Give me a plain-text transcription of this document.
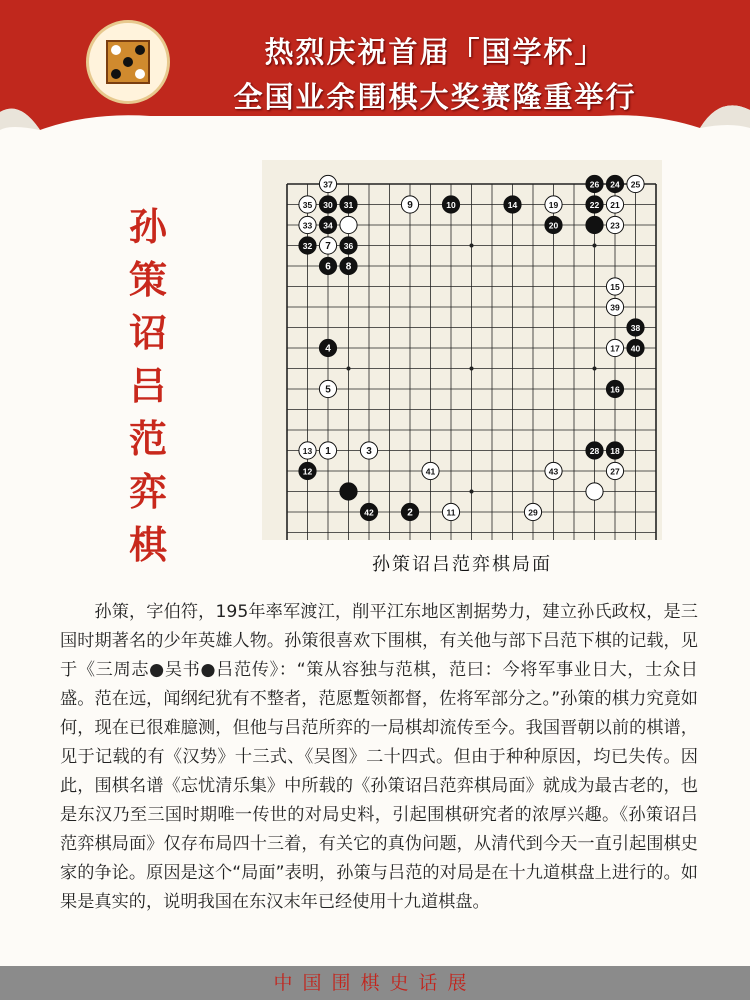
热烈庆祝首届「国学杯」
全国业余围棋大奖赛隆重举行
孙策诏吕范弈棋
37
35 30 31
33 34
32 7 36
6 8
4
5
13 1	3
12
42	2	11
41
29
9	10	14	19
20
26 24 25
22 21
23
15
39
38
17 40
16
28 18
27
43
孙策诏吕范弈棋局面
孙策，字伯符，195年率军渡江，削平江东地区割据势力，建立孙氏政权，是三国时期著名的少年英雄人物。孙策很喜欢下围棋，有关他与部下吕范下棋的记载，见于《三周志●吴书●吕范传》：“策从容独与范棋，范曰：今将军事业日大，士众日盛。范在远，闻纲纪犹有不整者，范愿蹔领都督，佐将军部分之。”孙策的棋力究竟如何，现在已很难臆测，但他与吕范所弈的一局棋却流传至今。我国晋朝以前的棋谱，见于记载的有《汉势》十三式、《吴图》二十四式。但由于种种原因，均已失传。因此，围棋名谱《忘忧清乐集》中所载的《孙策诏吕范弈棋局面》就成为最古老的，也是东汉乃至三国时期唯一传世的对局史料，引起围棋研究者的浓厚兴趣。《孙策诏吕范弈棋局面》仅存布局四十三着，有关它的真伪问题，从清代到今天一直引起围棋史家的争论。原因是这个“局面”表明，孙策与吕范的对局是在十九道棋盘上进行的。如果是真实的，说明我国在东汉末年已经使用十九道棋盘。
中国围棋史话展
